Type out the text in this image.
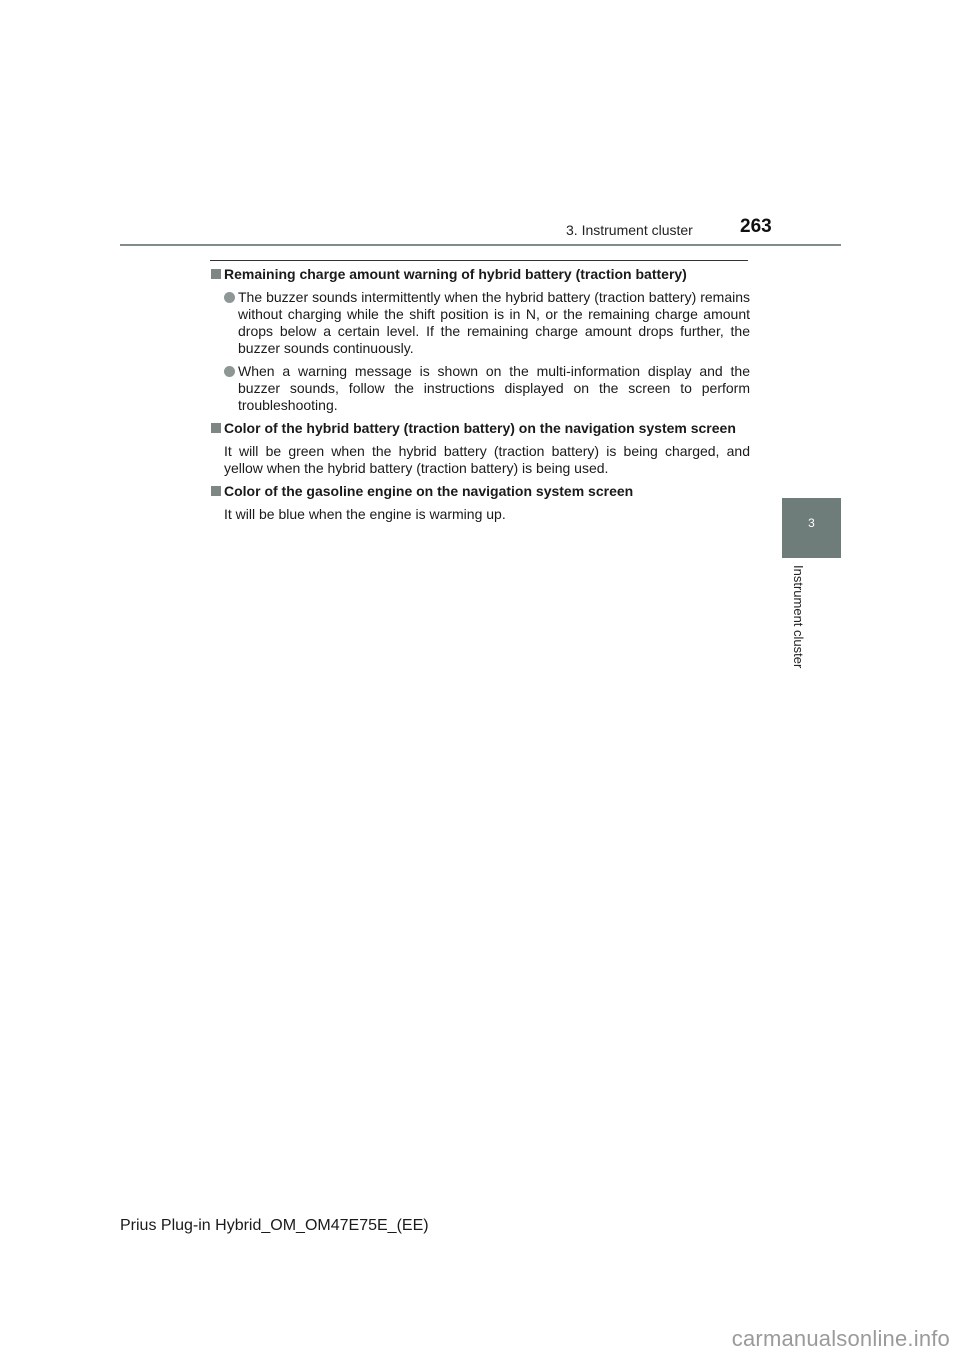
3. Instrument cluster 263
3
Instrument cluster

Remaining charge amount warning of hybrid battery (traction battery)

The buzzer sounds intermittently when the hybrid battery (traction battery) remains without charging while the shift position is in N, or the remaining charge amount drops below a certain level. If the remaining charge amount drops further, the buzzer sounds continuously.

When a warning message is shown on the multi-information display and the buzzer sounds, follow the instructions displayed on the screen to perform troubleshooting.

Color of the hybrid battery (traction battery) on the navigation system screen

It will be green when the hybrid battery (traction battery) is being charged, and yellow when the hybrid battery (traction battery) is being used.

Color of the gasoline engine on the navigation system screen

It will be blue when the engine is warming up.

Prius Plug-in Hybrid_OM_OM47E75E_(EE)
carmanualsonline.info
